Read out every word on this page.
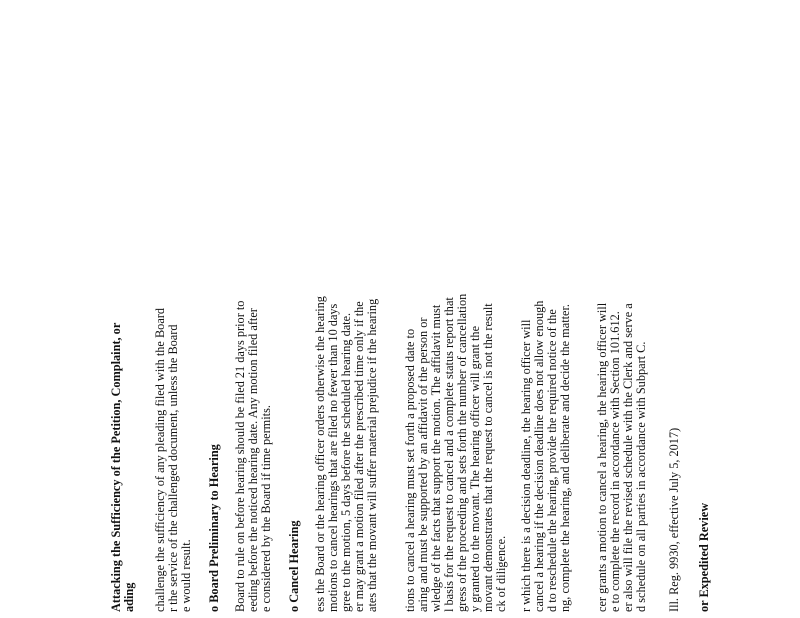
Attacking the Sufficiency of the Petition, Complaint, or ading challenge the sufficiency of any pleading filed with the Board r the service of the challenged document, unless the Board e would result. o Board Preliminary to Hearing Board to rule on before hearing should be filed 21 days prior to eeding before the noticed hearing date. Any motion filed after e considered by the Board if time permits. o Cancel Hearing ess the Board or the hearing officer orders otherwise the hearing motions to cancel hearings that are filed no fewer than 10 days gree to the motion, 5 days before the scheduled hearing date. er may grant a motion filed after the prescribed time only if the ates that the movant will suffer material prejudice if the hearing tions to cancel a hearing must set forth a proposed date to aring and must be supported by an affidavit of the person or wledge of the facts that support the motion. The affidavit must l basis for the request to cancel and a complete status report that gress of the proceeding and sets forth the number of cancellation y granted to the movant. The hearing officer will grant the movant demonstrates that the request to cancel is not the result ck of diligence. r which there is a decision deadline, the hearing officer will cancel a hearing if the decision deadline does not allow enough d to reschedule the hearing, provide the required notice of the ng, complete the hearing, and deliberate and decide the matter. cer grants a motion to cancel a hearing, the hearing officer will e to complete the record in accordance with Section 101.612. er also will file the revised schedule with the Clerk and serve a d schedule on all parties in accordance with Subpart C. Ill. Reg. 9930, effective July 5, 2017) or Expedited Review
